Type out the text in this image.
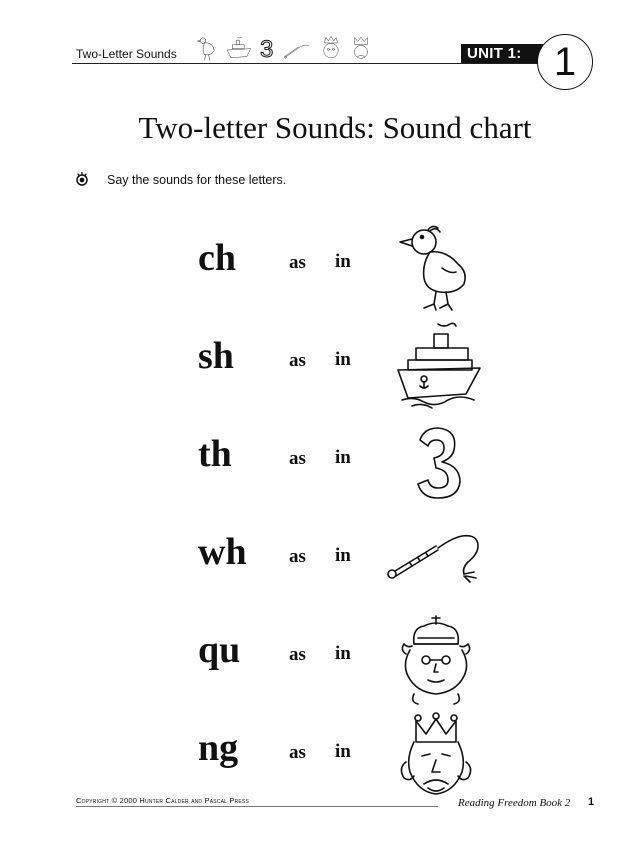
Two-Letter Sounds	3	UNIT 1: 1
Two-letter Sounds: Sound chart
Say the sounds for these letters.
ch	as in
sh	as in
th	as in
wh as in
qu	as in
ng	as in
Copyright © 2000 Hunter Calder and Pascal Press	Reading Freedom Book 2 1
